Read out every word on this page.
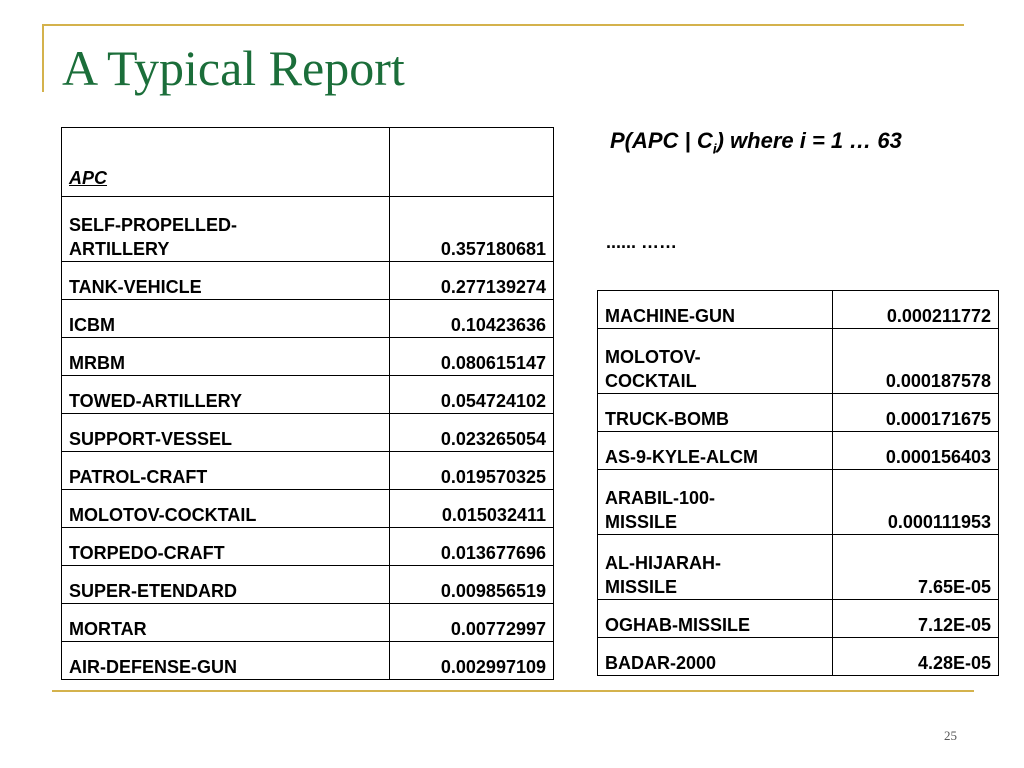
A Typical Report
P(APC | $C_i$) where i = 1 … 63
...... ……
APC	
SELF-PROPELLED-
ARTILLERY	0.357180681
TANK-VEHICLE	0.277139274
ICBM	0.10423636
MRBM	0.080615147
TOWED-ARTILLERY	0.054724102
SUPPORT-VESSEL	0.023265054
PATROL-CRAFT	0.019570325
MOLOTOV-COCKTAIL	0.015032411
TORPEDO-CRAFT	0.013677696
SUPER-ETENDARD	0.009856519
MORTAR	0.00772997
AIR-DEFENSE-GUN	0.002997109
MACHINE-GUN	0.000211772
MOLOTOV-
COCKTAIL	0.000187578
TRUCK-BOMB	0.000171675
AS-9-KYLE-ALCM	0.000156403
ARABIL-100-
MISSILE	0.000111953
AL-HIJARAH-
MISSILE	7.65E-05
OGHAB-MISSILE	7.12E-05
BADAR-2000	4.28E-05
25
